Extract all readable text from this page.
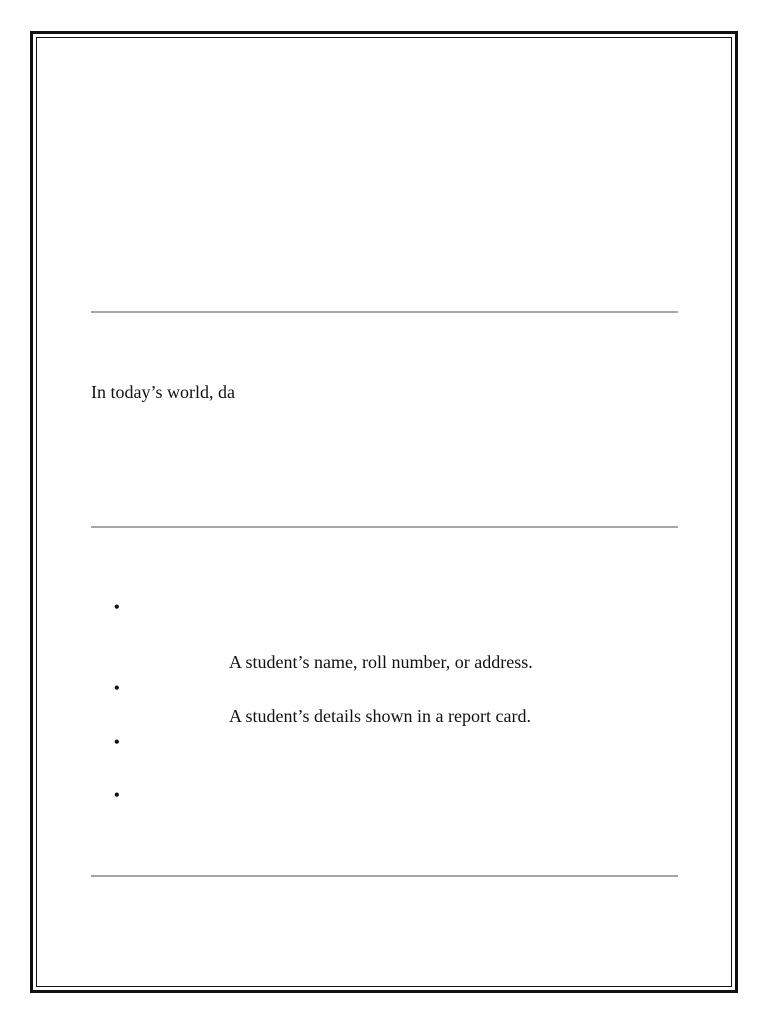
In today’s world, da
•
•
•
•
A student’s name, roll number, or address.
A student’s details shown in a report card.
